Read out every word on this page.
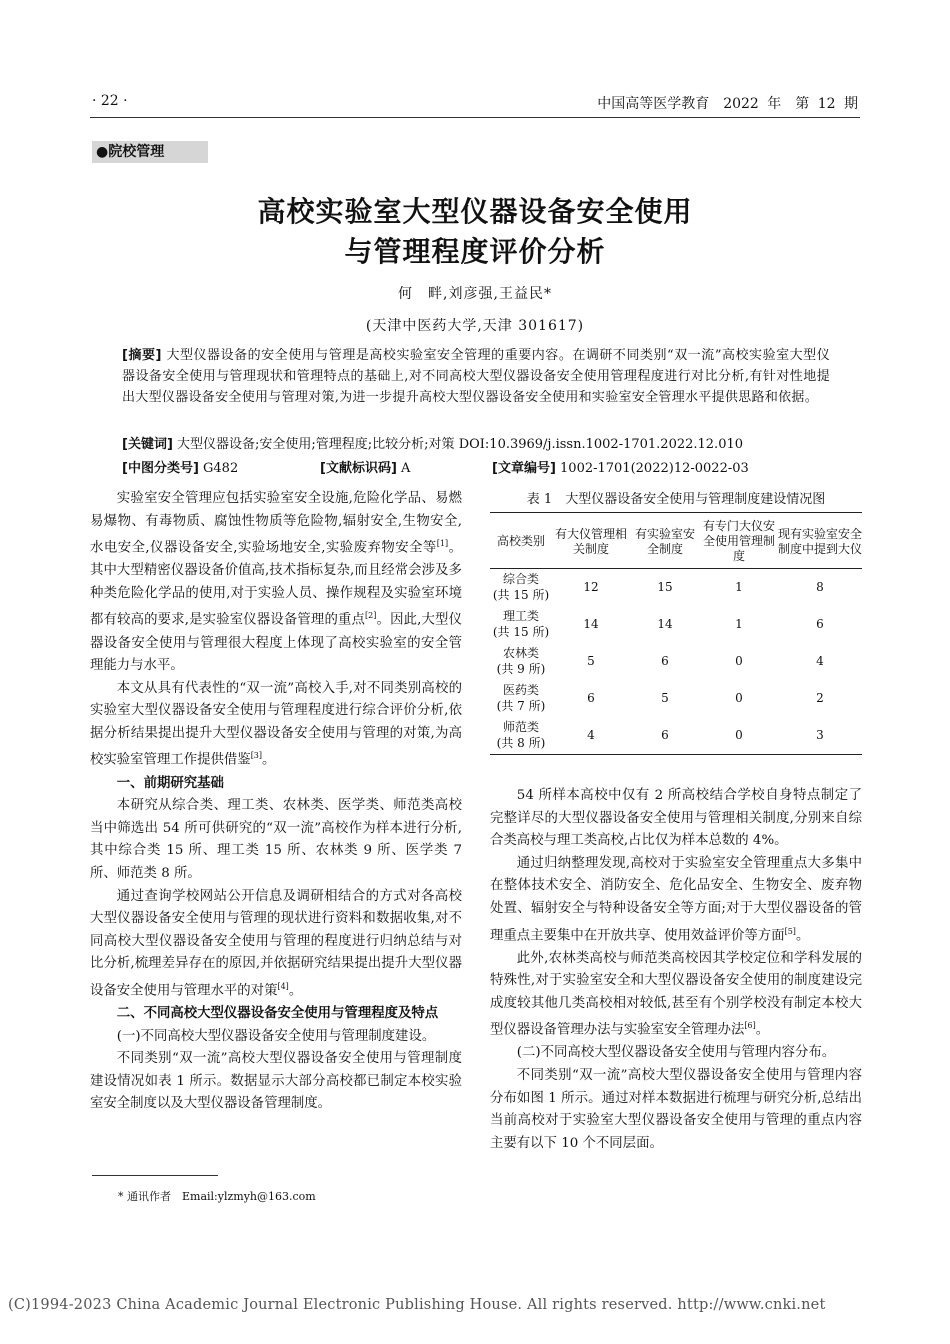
· 22 ·	中国高等医学教育　2022 年　第 12 期
●院校管理
高校实验室大型仪器设备安全使用
与管理程度评价分析
何　畔,刘彦强,王益民*
(天津中医药大学,天津 301617)
[摘要] 大型仪器设备的安全使用与管理是高校实验室安全管理的重要内容。在调研不同类别“双一流”高校实验室大型仪器设备安全使用与管理现状和管理特点的基础上,对不同高校大型仪器设备安全使用管理程度进行对比分析,有针对性地提出大型仪器设备安全使用与管理对策,为进一步提升高校大型仪器设备安全使用和实验室安全管理水平提供思路和依据。
[关键词] 大型仪器设备;安全使用;管理程度;比较分析;对策 DOI:10.3969/j.issn.1002-1701.2022.12.010
[中图分类号] G482	[文献标识码] A	[文章编号] 1002-1701(2022)12-0022-03

实验室安全管理应包括实验室安全设施,危险化学品、易燃易爆物、有毒物质、腐蚀性物质等危险物,辐射安全,生物安全,水电安全,仪器设备安全,实验场地安全,实验废弃物安全等[1]。其中大型精密仪器设备价值高,技术指标复杂,而且经常会涉及多种类危险化学品的使用,对于实验人员、操作规程及实验室环境都有较高的要求,是实验室仪器设备管理的重点[2]。因此,大型仪器设备安全使用与管理很大程度上体现了高校实验室的安全管理能力与水平。

本文从具有代表性的“双一流”高校入手,对不同类别高校的实验室大型仪器设备安全使用与管理程度进行综合评价分析,依据分析结果提出提升大型仪器设备安全使用与管理的对策,为高校实验室管理工作提供借鉴[3]。

一、前期研究基础

本研究从综合类、理工类、农林类、医学类、师范类高校当中筛选出 54 所可供研究的“双一流”高校作为样本进行分析,其中综合类 15 所、理工类 15 所、农林类 9 所、医学类 7 所、师范类 8 所。

通过查询学校网站公开信息及调研相结合的方式对各高校大型仪器设备安全使用与管理的现状进行资料和数据收集,对不同高校大型仪器设备安全使用与管理的程度进行归纳总结与对比分析,梳理差异存在的原因,并依据研究结果提出提升大型仪器设备安全使用与管理水平的对策[4]。

二、不同高校大型仪器设备安全使用与管理程度及特点
(一)不同高校大型仪器设备安全使用与管理制度建设。

不同类别“双一流”高校大型仪器设备安全使用与管理制度建设情况如表 1 所示。数据显示大部分高校都已制定本校实验室安全制度以及大型仪器设备管理制度。

表 1　大型仪器设备安全使用与管理制度建设情况图
高校类别	有大仪管理相关制度	有实验室安全制度	有专门大仪安全使用管理制度	现有实验室安全制度中提到大仪
综合类
(共 15 所)	12	15	1	8
理工类
(共 15 所)	14	14	1	6
农林类
(共 9 所)	5	6	0	4
医药类
(共 7 所)	6	5	0	2
师范类
(共 8 所)	4	6	0	3

54 所样本高校中仅有 2 所高校结合学校自身特点制定了完整详尽的大型仪器设备安全使用与管理相关制度,分别来自综合类高校与理工类高校,占比仅为样本总数的 4%。

通过归纳整理发现,高校对于实验室安全管理重点大多集中在整体技术安全、消防安全、危化品安全、生物安全、废弃物处置、辐射安全与特种设备安全等方面;对于大型仪器设备的管理重点主要集中在开放共享、使用效益评价等方面[5]。

此外,农林类高校与师范类高校因其学校定位和学科发展的特殊性,对于实验室安全和大型仪器设备安全使用的制度建设完成度较其他几类高校相对较低,甚至有个别学校没有制定本校大型仪器设备管理办法与实验室安全管理办法[6]。

(二)不同高校大型仪器设备安全使用与管理内容分布。

不同类别“双一流”高校大型仪器设备安全使用与管理内容分布如图 1 所示。通过对样本数据进行梳理与研究分析,总结出当前高校对于实验室大型仪器设备安全使用与管理的重点内容主要有以下 10 个不同层面。

* 通讯作者　Email:ylzmyh@163.com
(C)1994-2023 China Academic Journal Electronic Publishing House. All rights reserved. http://www.cnki.net
